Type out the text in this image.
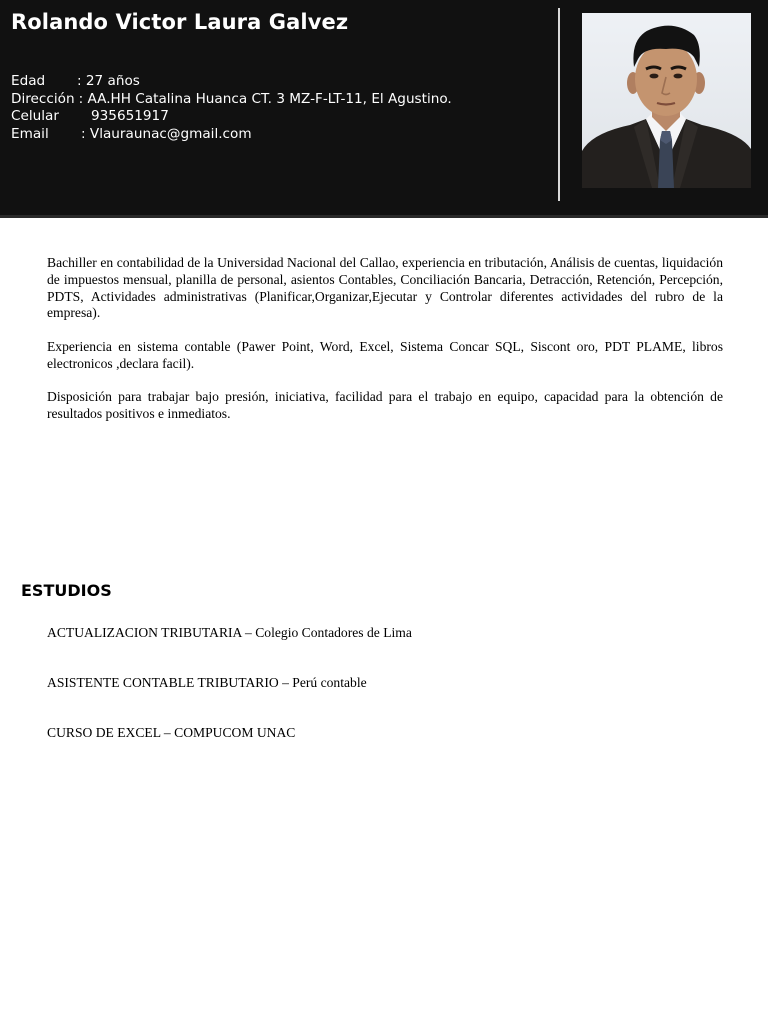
Rolando Victor Laura Galvez
Edad : 27 años
Dirección : AA.HH Catalina Huanca CT. 3 MZ-F-LT-11, El Agustino.
Celular 935651917
Email : Vlauraunac@gmail.com
Bachiller en contabilidad de la Universidad Nacional del Callao, experiencia en tributación, Análisis de cuentas, liquidación de impuestos mensual, planilla de personal, asientos Contables, Conciliación Bancaria, Detracción, Retención, Percepción, PDTS, Actividades administrativas (Planificar,Organizar,Ejecutar y Controlar diferentes actividades del rubro de la empresa).
Experiencia en sistema contable (Pawer Point, Word, Excel, Sistema Concar SQL, Siscont oro, PDT PLAME, libros electronicos ,declara facil).
Disposición para trabajar bajo presión, iniciativa, facilidad para el trabajo en equipo, capacidad para la obtención de resultados positivos e inmediatos.
ESTUDIOS
ACTUALIZACION TRIBUTARIA – Colegio Contadores de Lima
ASISTENTE CONTABLE TRIBUTARIO – Perú contable
CURSO DE EXCEL – COMPUCOM UNAC
